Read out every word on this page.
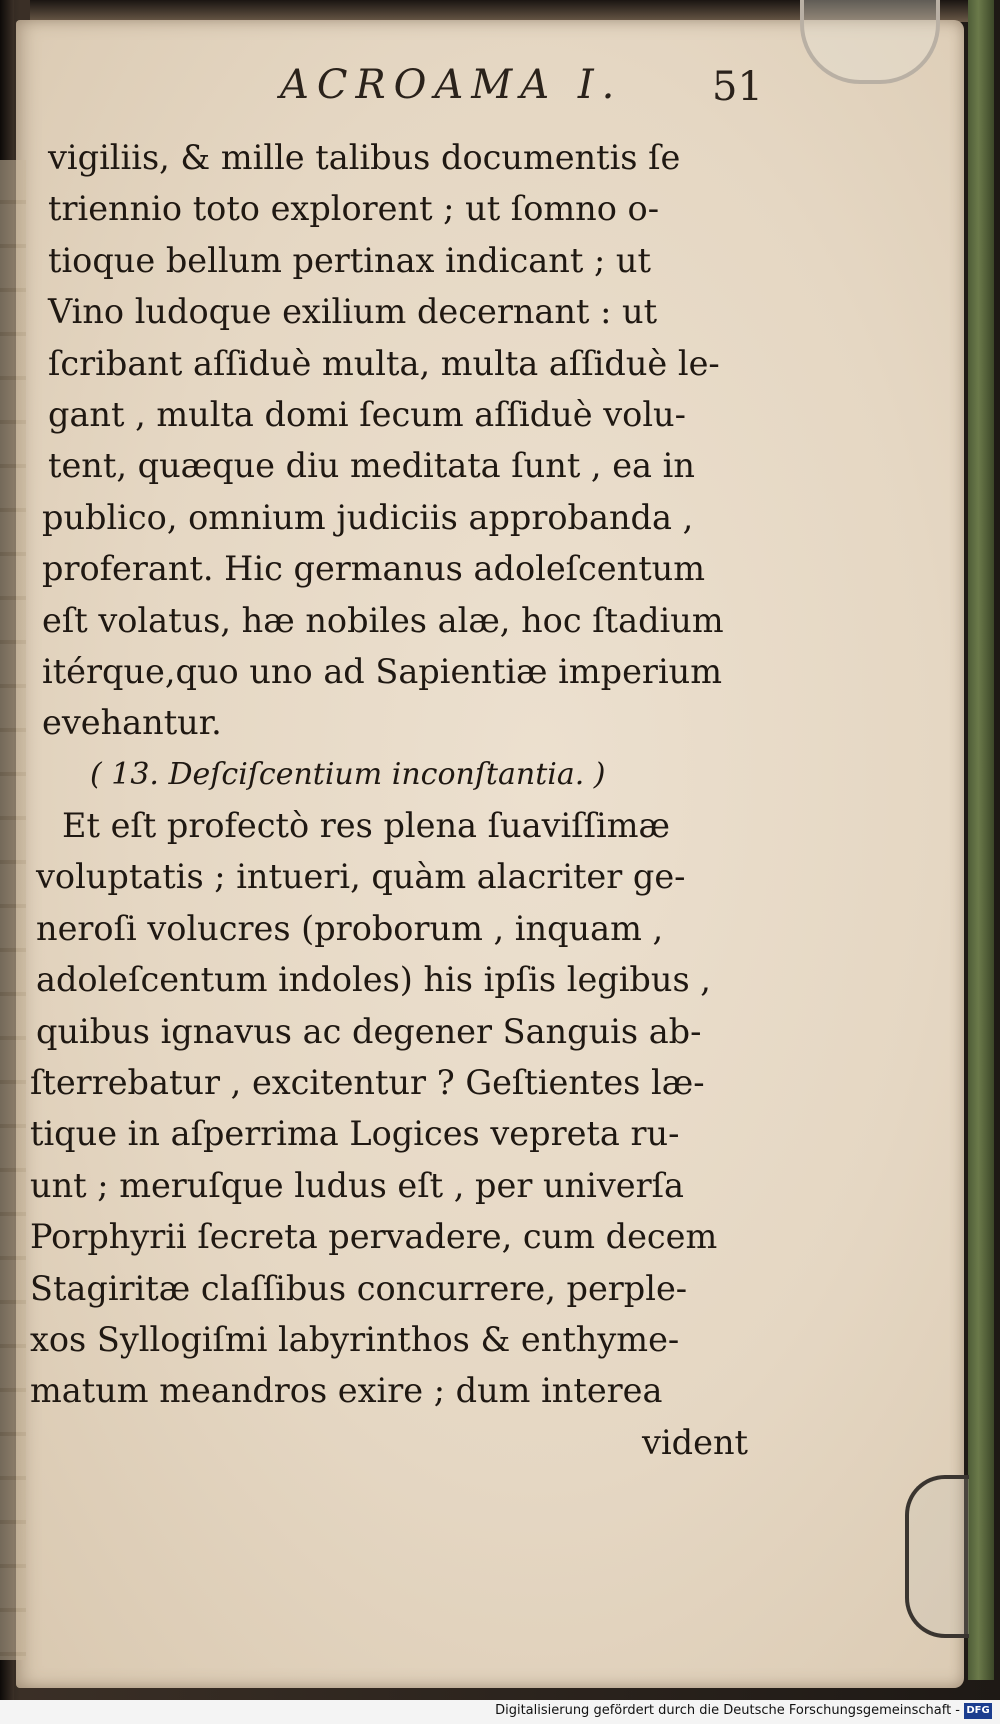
ACROAMA I.	51
vigiliis, & mille talibus documentis ſe
triennio toto explorent ; ut ſomno o-
tioque bellum pertinax indicant ; ut
Vino ludoque exilium decernant : ut
ſcribant aſſiduè multa, multa aſſiduè le-
gant , multa domi ſecum aſſiduè volu-
tent, quæque diu meditata ſunt , ea in
publico, omnium judiciis approbanda ,
proferant. Hic germanus adoleſcentum
eſt volatus, hæ nobiles alæ, hoc ſtadium
itérque,quo uno ad Sapientiæ imperium
evehantur.
( 13. Deſciſcentium inconſtantia. )
Et eſt profectò res plena ſuaviſſimæ
voluptatis ; intueri, quàm alacriter ge-
neroſi volucres (proborum , inquam ,
adoleſcentum indoles) his ipſis legibus ,
quibus ignavus ac degener Sanguis ab-
ſterrebatur , excitentur ? Geſtientes læ-
tique in aſperrima Logices vepreta ru-
unt ; meruſque ludus eſt , per univerſa
Porphyrii ſecreta pervadere, cum decem
Stagiritæ claſſibus concurrere, perple-
xos Syllogiſmi labyrinthos & enthyme-
matum meandros exire ; dum interea
vident
Digitalisierung gefördert durch die Deutsche Forschungsgemeinschaft - DFG
